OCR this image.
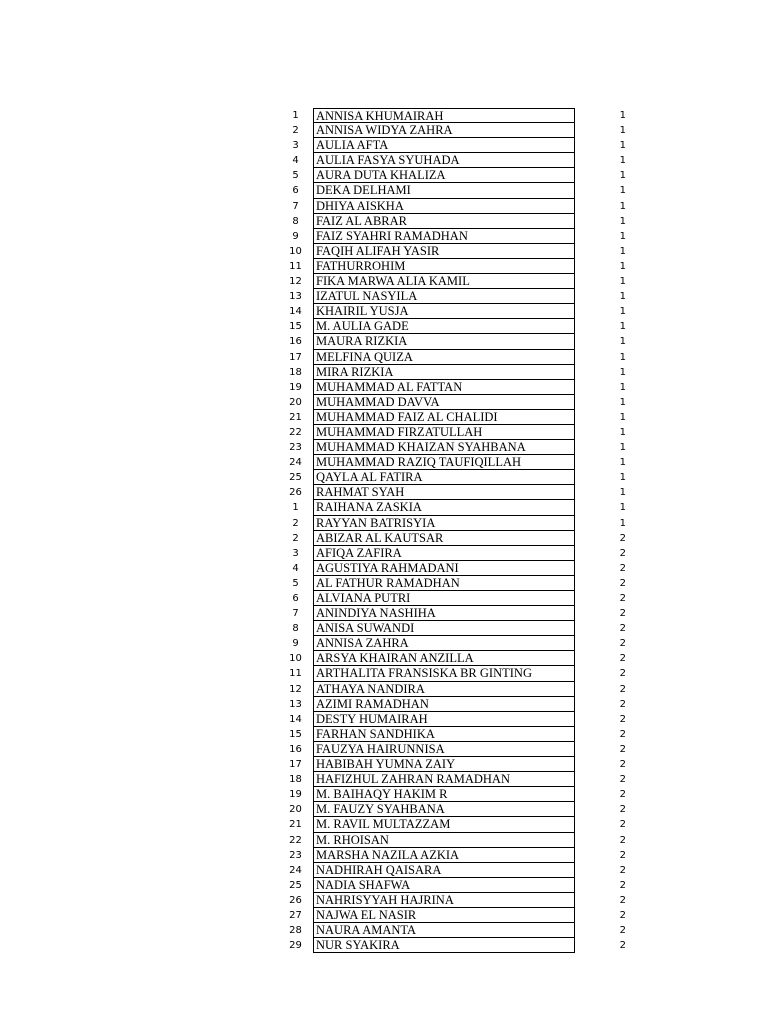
1	ANNISA KHUMAIRAH	1
2	ANNISA WIDYA ZAHRA	1
3	AULIA AFTA	1
4	AULIA FASYA SYUHADA	1
5	AURA DUTA KHALIZA	1
6	DEKA DELHAMI	1
7	DHIYA AISKHA	1
8	FAIZ AL ABRAR	1
9	FAIZ SYAHRI RAMADHAN	1
10	FAQIH ALIFAH YASIR	1
11	FATHURROHIM	1
12	FIKA MARWA ALIA KAMIL	1
13	IZATUL NASYILA	1
14	KHAIRIL YUSJA	1
15	M. AULIA GADE	1
16	MAURA RIZKIA	1
17	MELFINA QUIZA	1
18	MIRA RIZKIA	1
19	MUHAMMAD AL FATTAN	1
20	MUHAMMAD DAVVA	1
21	MUHAMMAD FAIZ AL CHALIDI	1
22	MUHAMMAD FIRZATULLAH	1
23	MUHAMMAD KHAIZAN SYAHBANA	1
24	MUHAMMAD RAZIQ TAUFIQILLAH	1
25	QAYLA AL FATIRA	1
26	RAHMAT SYAH	1
1	RAIHANA ZASKIA	1
2	RAYYAN BATRISYIA	1
2	ABIZAR AL KAUTSAR	2
3	AFIQA ZAFIRA	2
4	AGUSTIYA RAHMADANI	2
5	AL FATHUR RAMADHAN	2
6	ALVIANA PUTRI	2
7	ANINDIYA NASHIHA	2
8	ANISA SUWANDI	2
9	ANNISA ZAHRA	2
10	ARSYA KHAIRAN ANZILLA	2
11	ARTHALITA FRANSISKA BR GINTING	2
12	ATHAYA NANDIRA	2
13	AZIMI RAMADHAN	2
14	DESTY HUMAIRAH	2
15	FARHAN SANDHIKA	2
16	FAUZYA HAIRUNNISA	2
17	HABIBAH YUMNA ZAIY	2
18	HAFIZHUL ZAHRAN RAMADHAN	2
19	M. BAIHAQY HAKIM R	2
20	M. FAUZY SYAHBANA	2
21	M. RAVIL MULTAZZAM	2
22	M. RHOISAN	2
23	MARSHA NAZILA AZKIA	2
24	NADHIRAH QAISARA	2
25	NADIA SHAFWA	2
26	NAHRISYYAH HAJRINA	2
27	NAJWA EL NASIR	2
28	NAURA AMANTA	2
29	NUR SYAKIRA	2
